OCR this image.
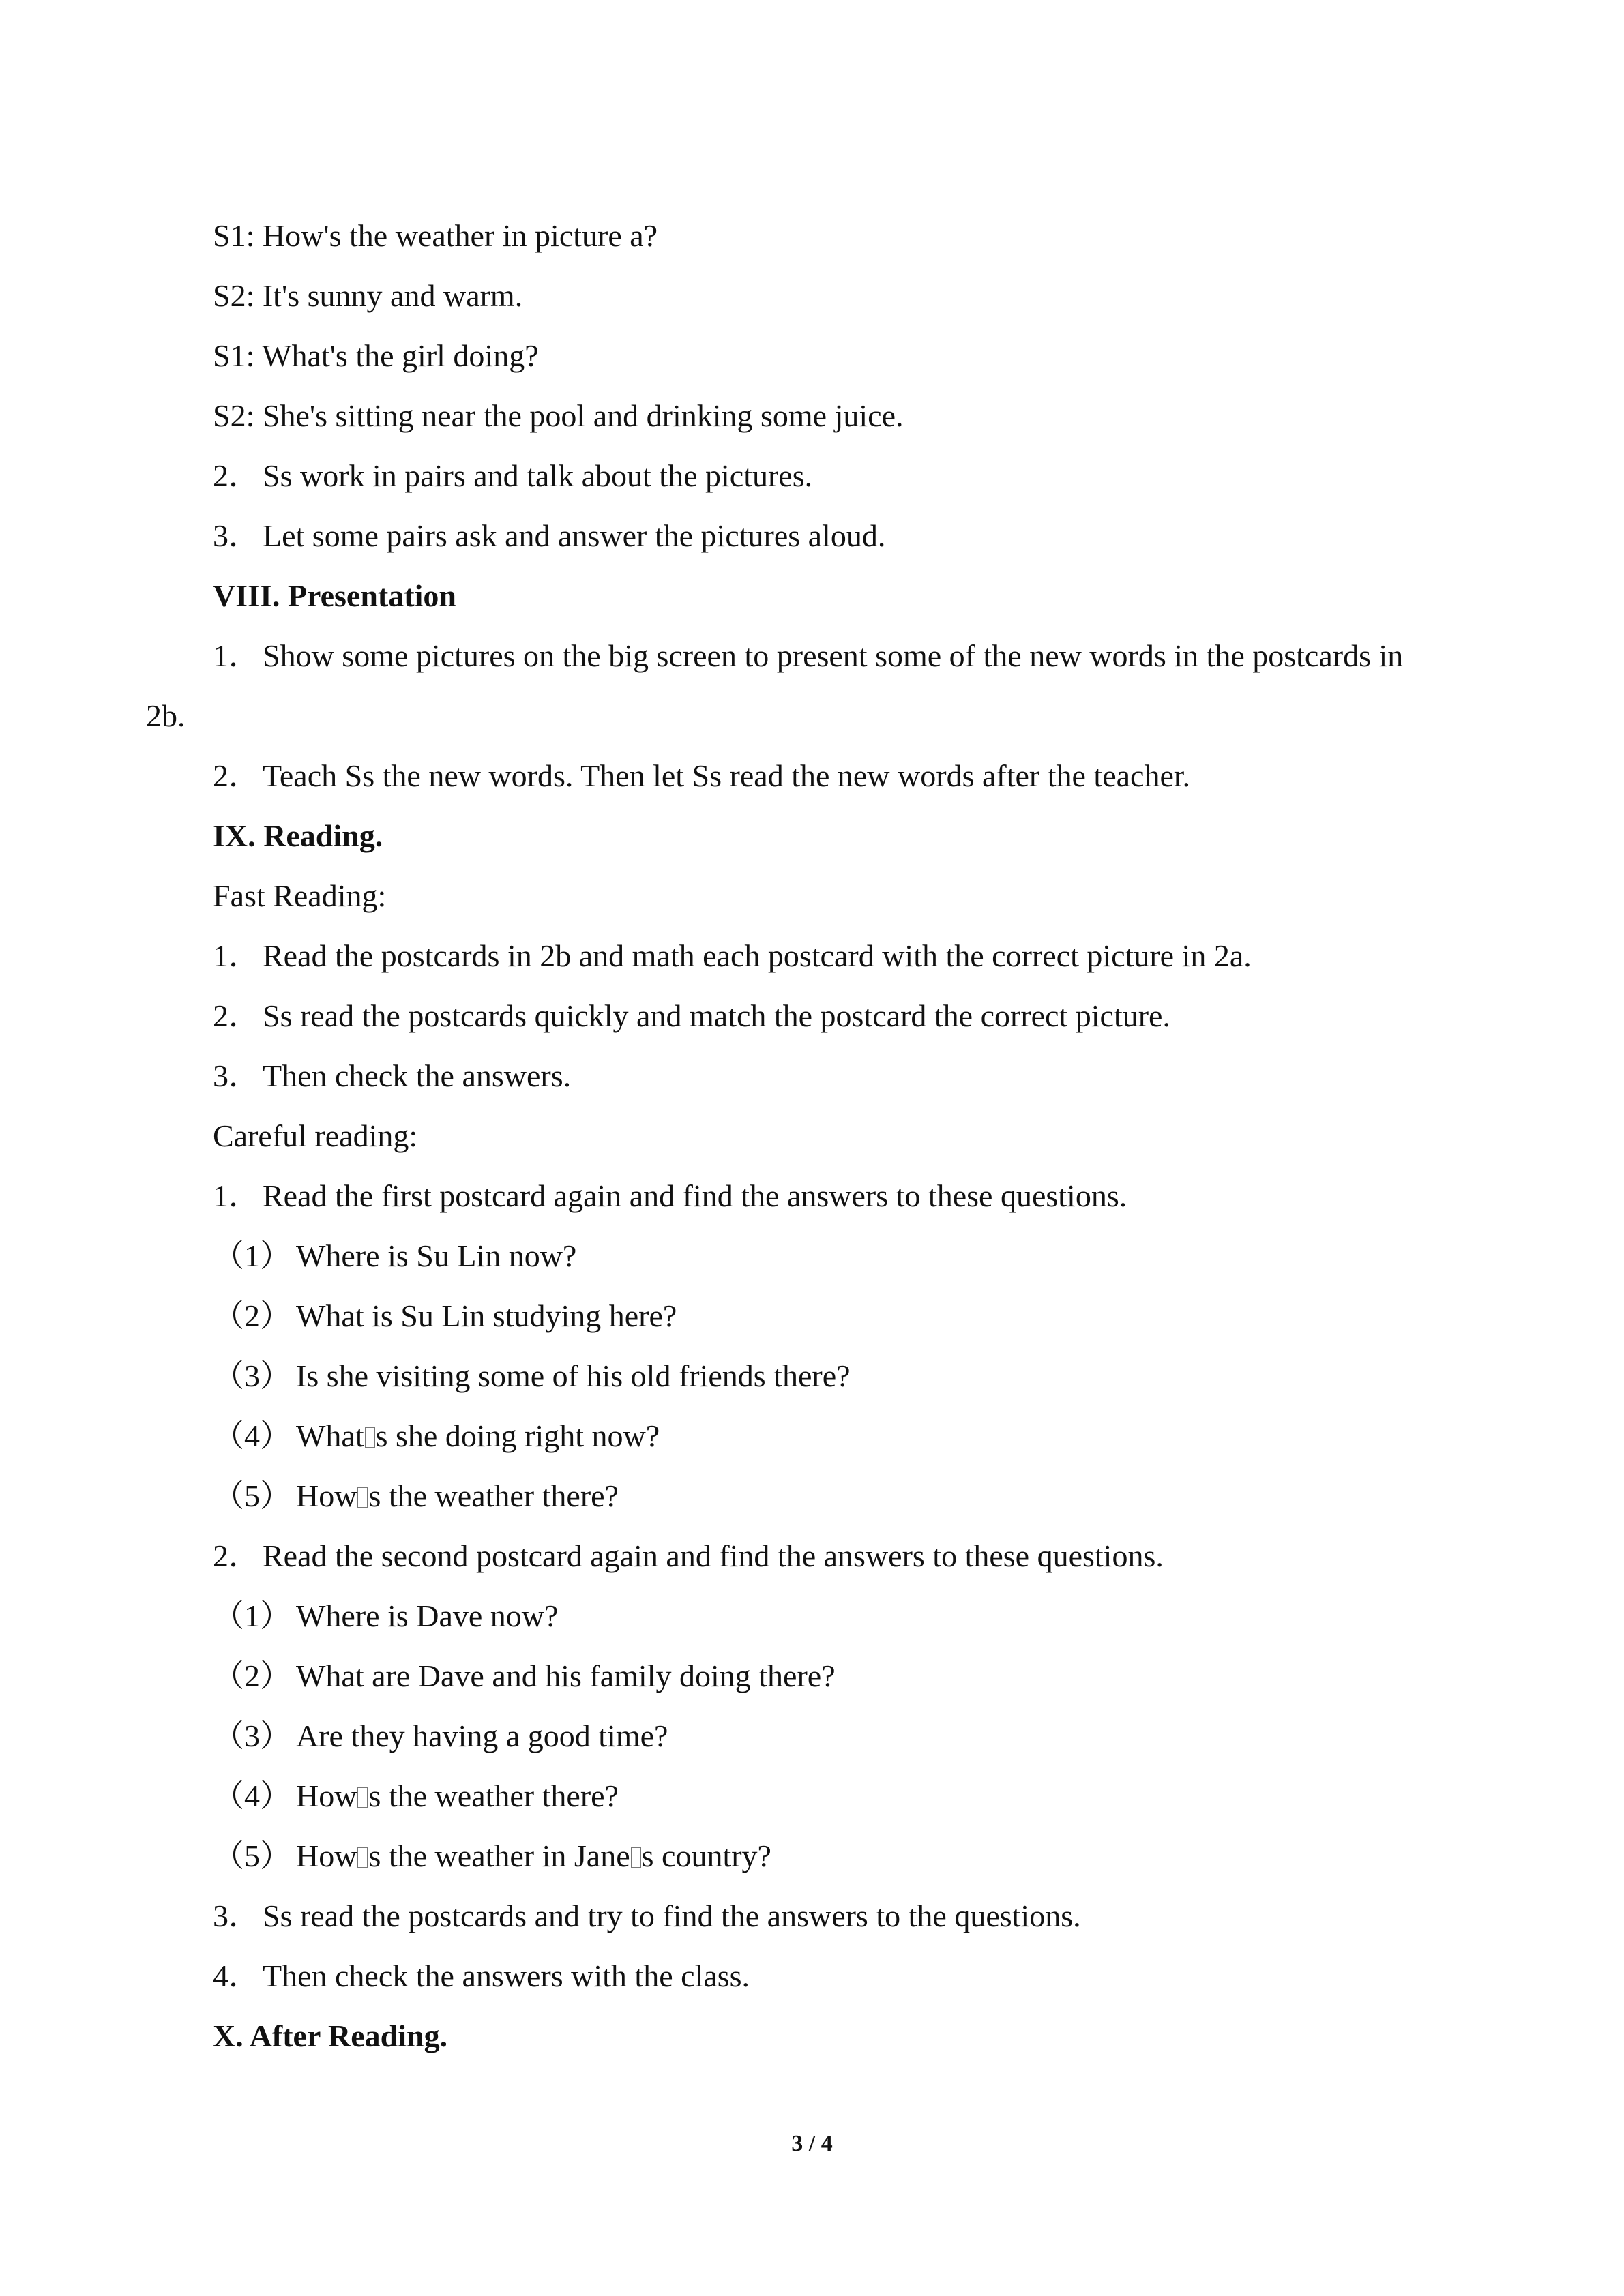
S1: How's the weather in picture a?

S2: It's sunny and warm.

S1: What's the girl doing?

S2: She's sitting near the pool and drinking some juice.

2．Ss work in pairs and talk about the pictures.

3．Let some pairs ask and answer the pictures aloud.

VIII. Presentation

1．Show some pictures on the big screen to present some of the new words in the postcards in

2b.

2．Teach Ss the new words. Then let Ss read the new words after the teacher.

IX. Reading.

Fast Reading:

1．Read the postcards in 2b and math each postcard with the correct picture in 2a.

2．Ss read the postcards quickly and match the postcard the correct picture.

3．Then check the answers.

Careful reading:

1．Read the first postcard again and find the answers to these questions.

（1） Where is Su Lin now?

（2） What is Su Lin studying here?

（3） Is she visiting some of his old friends there?

（4） What s she doing right now?

（5） How s the weather there?

2．Read the second postcard again and find the answers to these questions.

（1） Where is Dave now?

（2） What are Dave and his family doing there?

（3） Are they having a good time?

（4） How s the weather there?

（5） How s the weather in Jane s country?

3．Ss read the postcards and try to find the answers to the questions.

4．Then check the answers with the class.

X. After Reading.

3 / 4
